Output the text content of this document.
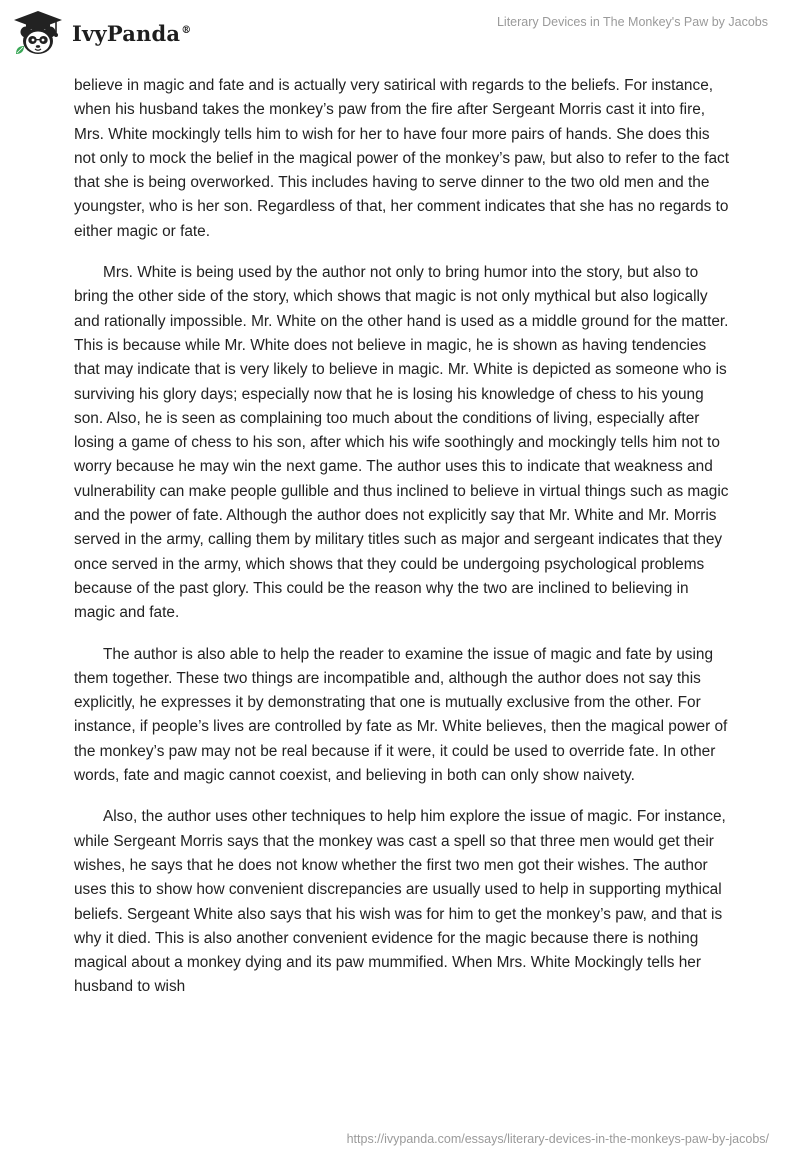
IvyPanda®
Literary Devices in The Monkey's Paw by Jacobs

believe in magic and fate and is actually very satirical with regards to the beliefs. For instance, when his husband takes the monkey’s paw from the fire after Sergeant Morris cast it into fire, Mrs. White mockingly tells him to wish for her to have four more pairs of hands. She does this not only to mock the belief in the magical power of the monkey’s paw, but also to refer to the fact that she is being overworked. This includes having to serve dinner to the two old men and the youngster, who is her son. Regardless of that, her comment indicates that she has no regards to either magic or fate.

Mrs. White is being used by the author not only to bring humor into the story, but also to bring the other side of the story, which shows that magic is not only mythical but also logically and rationally impossible. Mr. White on the other hand is used as a middle ground for the matter. This is because while Mr. White does not believe in magic, he is shown as having tendencies that may indicate that is very likely to believe in magic. Mr. White is depicted as someone who is surviving his glory days; especially now that he is losing his knowledge of chess to his young son. Also, he is seen as complaining too much about the conditions of living, especially after losing a game of chess to his son, after which his wife soothingly and mockingly tells him not to worry because he may win the next game. The author uses this to indicate that weakness and vulnerability can make people gullible and thus inclined to believe in virtual things such as magic and the power of fate. Although the author does not explicitly say that Mr. White and Mr. Morris served in the army, calling them by military titles such as major and sergeant indicates that they once served in the army, which shows that they could be undergoing psychological problems because of the past glory. This could be the reason why the two are inclined to believing in magic and fate.

The author is also able to help the reader to examine the issue of magic and fate by using them together. These two things are incompatible and, although the author does not say this explicitly, he expresses it by demonstrating that one is mutually exclusive from the other. For instance, if people’s lives are controlled by fate as Mr. White believes, then the magical power of the monkey’s paw may not be real because if it were, it could be used to override fate. In other words, fate and magic cannot coexist, and believing in both can only show naivety.

Also, the author uses other techniques to help him explore the issue of magic. For instance, while Sergeant Morris says that the monkey was cast a spell so that three men would get their wishes, he says that he does not know whether the first two men got their wishes. The author uses this to show how convenient discrepancies are usually used to help in supporting mythical beliefs. Sergeant White also says that his wish was for him to get the monkey’s paw, and that is why it died. This is also another convenient evidence for the magic because there is nothing magical about a monkey dying and its paw mummified. When Mrs. White Mockingly tells her husband to wish

https://ivypanda.com/essays/literary-devices-in-the-monkeys-paw-by-jacobs/
